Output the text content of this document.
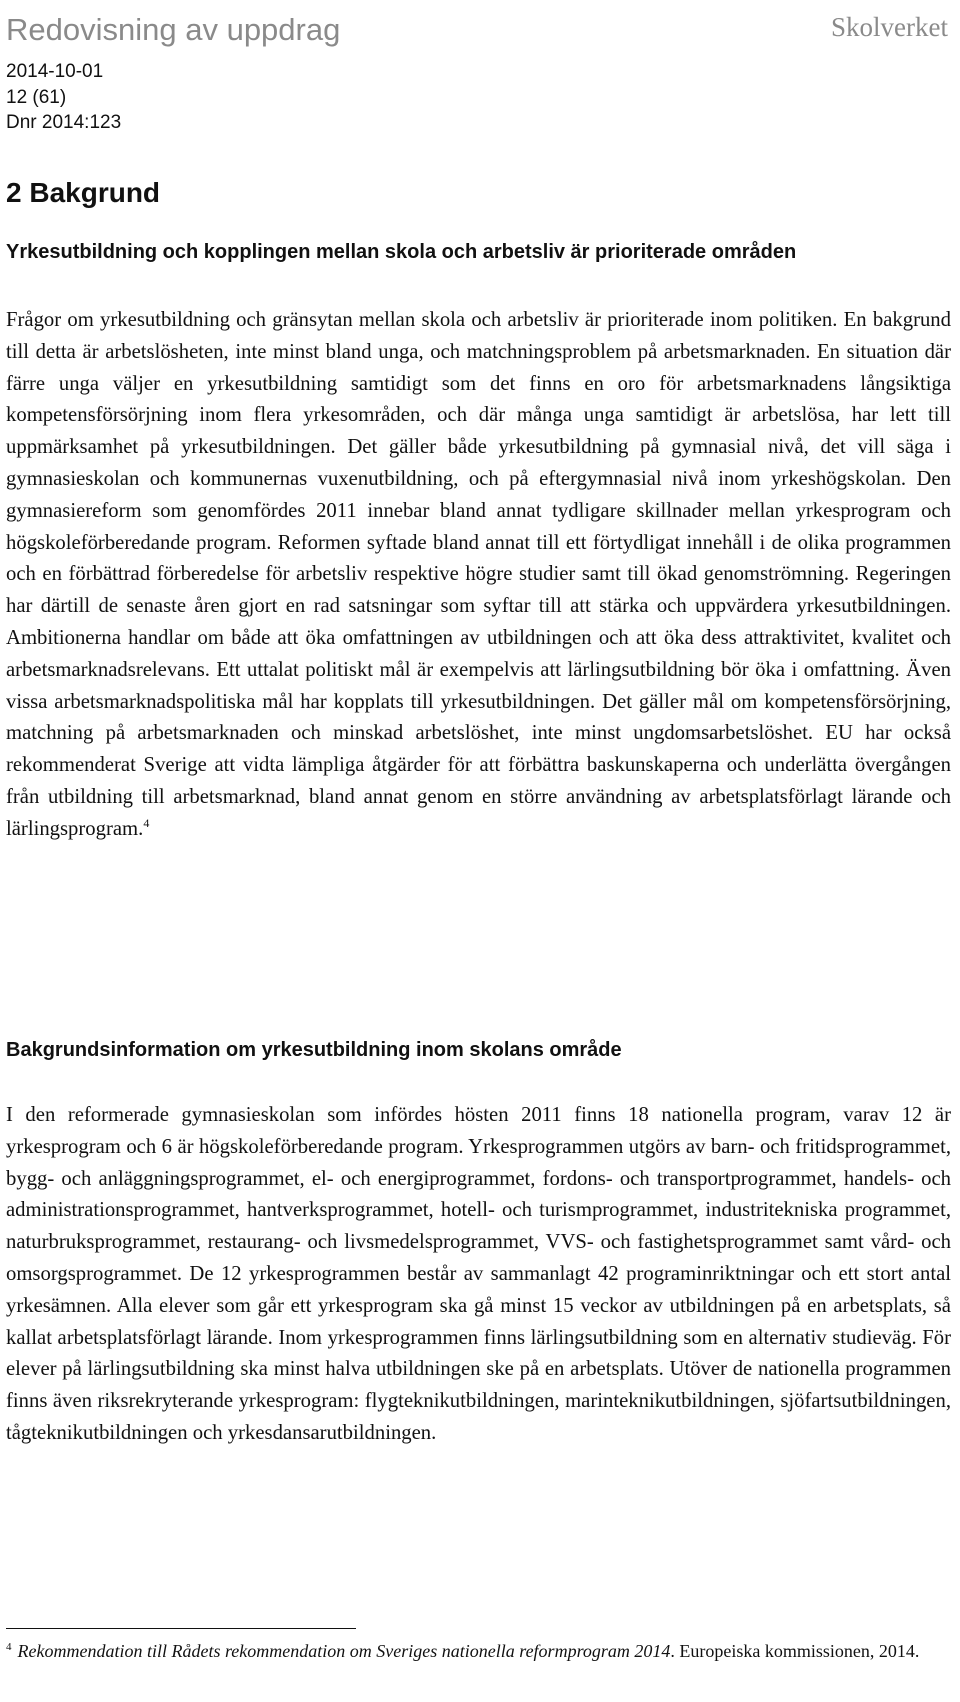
Redovisning av uppdrag	Skolverket
2014-10-01
12 (61)
Dnr 2014:123
2 Bakgrund
Yrkesutbildning och kopplingen mellan skola och arbetsliv är prioriterade områden

Frågor om yrkesutbildning och gränsytan mellan skola och arbetsliv är prioriterade inom politiken. En bakgrund till detta är arbetslösheten, inte minst bland unga, och matchningsproblem på arbetsmarknaden. En situation där färre unga väljer en yrkesutbildning samtidigt som det finns en oro för arbetsmarknadens långsiktiga kompetensförsörjning inom flera yrkesområden, och där många unga samtidigt är arbetslösa, har lett till uppmärksamhet på yrkesutbildningen. Det gäller både yrkesutbildning på gymnasial nivå, det vill säga i gymnasieskolan och kommunernas vuxenutbildning, och på eftergymnasial nivå inom yrkeshögskolan. Den gymnasiereform som genomfördes 2011 innebar bland annat tydligare skillnader mellan yrkesprogram och högskoleförberedande program. Reformen syftade bland annat till ett förtydligat innehåll i de olika programmen och en förbättrad förberedelse för arbetsliv respektive högre studier samt till ökad genomströmning. Regeringen har därtill de senaste åren gjort en rad satsningar som syftar till att stärka och uppvärdera yrkesutbildningen. Ambitionerna handlar om både att öka omfattningen av utbildningen och att öka dess attraktivitet, kvalitet och arbetsmarknadsrelevans. Ett uttalat politiskt mål är exempelvis att lärlingsutbildning bör öka i omfattning. Även vissa arbetsmarknadspolitiska mål har kopplats till yrkesutbildningen. Det gäller mål om kompetensförsörjning, matchning på arbetsmarknaden och minskad arbetslöshet, inte minst ungdomsarbetslöshet. EU har också rekommenderat Sverige att vidta lämpliga åtgärder för att förbättra baskunskaperna och underlätta övergången från utbildning till arbetsmarknad, bland annat genom en större användning av arbetsplatsförlagt lärande och lärlingsprogram.$^4$

Bakgrundsinformation om yrkesutbildning inom skolans område

I den reformerade gymnasieskolan som infördes hösten 2011 finns 18 nationella program, varav 12 är yrkesprogram och 6 är högskoleförberedande program. Yrkesprogrammen utgörs av barn- och fritidsprogrammet, bygg- och anläggningsprogrammet, el- och energiprogrammet, fordons- och transportprogrammet, handels- och administrationsprogrammet, hantverksprogrammet, hotell- och turismprogrammet, industritekniska programmet, naturbruksprogrammet, restaurang- och livsmedelsprogrammet, VVS- och fastighetsprogrammet samt vård- och omsorgsprogrammet. De 12 yrkesprogrammen består av sammanlagt 42 programinriktningar och ett stort antal yrkesämnen. Alla elever som går ett yrkesprogram ska gå minst 15 veckor av utbildningen på en arbetsplats, så kallat arbetsplatsförlagt lärande. Inom yrkesprogrammen finns lärlingsutbildning som en alternativ studieväg. För elever på lärlingsutbildning ska minst halva utbildningen ske på en arbetsplats. Utöver de nationella programmen finns även riksrekryterande yrkesprogram: flygteknikutbildningen, marinteknikutbildningen, sjöfartsutbildningen, tågteknikutbildningen och yrkesdansarutbildningen.

$^4$ Rekommendation till Rådets rekommendation om Sveriges nationella reformprogram 2014. Europeiska kommissionen, 2014.
